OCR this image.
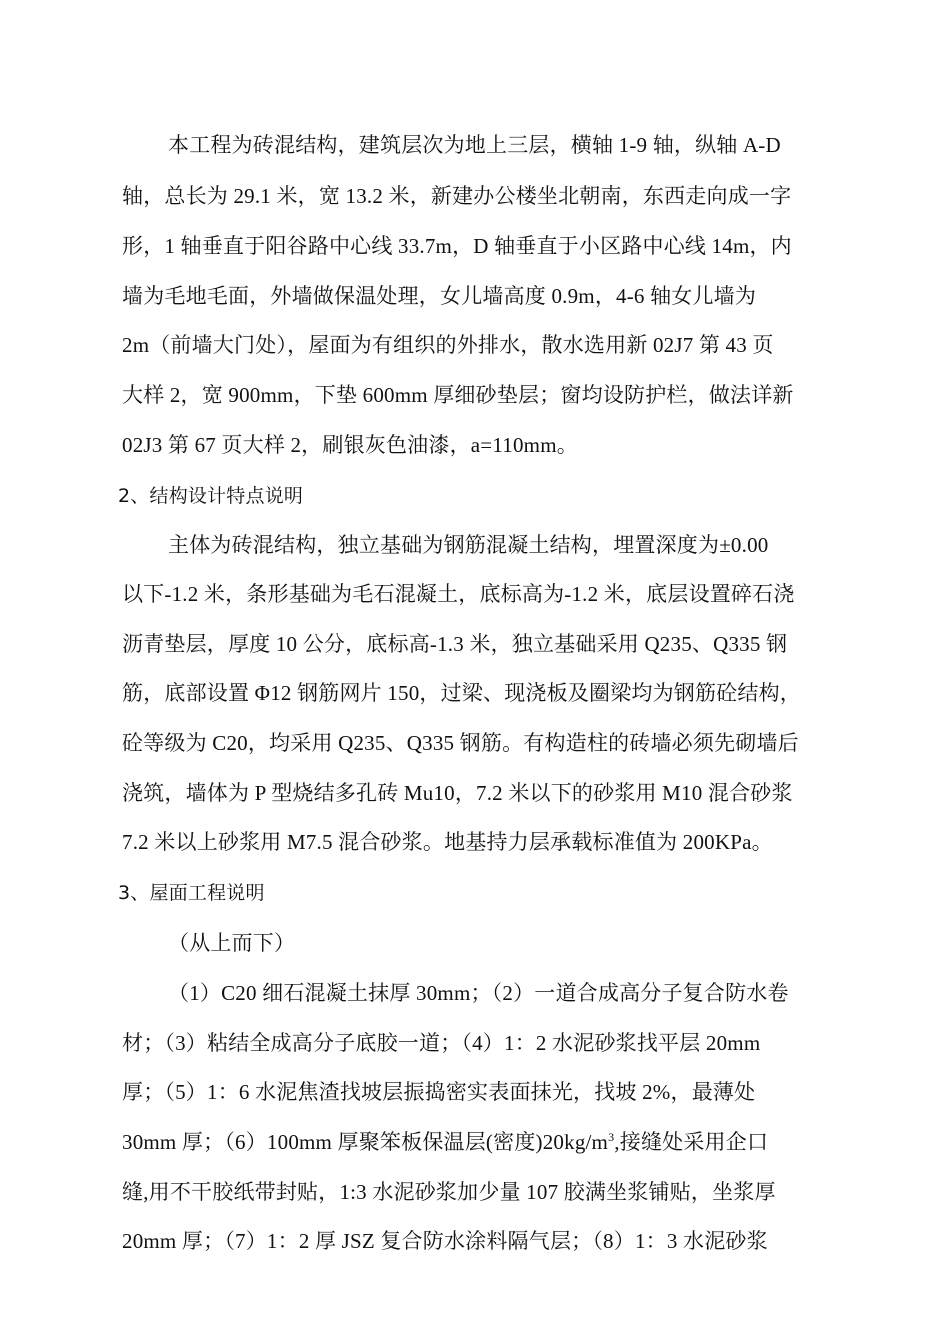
本工程为砖混结构，建筑层次为地上三层，横轴 1-9 轴，纵轴 A-D
轴，总长为 29.1 米，宽 13.2 米，新建办公楼坐北朝南，东西走向成一字
形，1 轴垂直于阳谷路中心线 33.7m，D 轴垂直于小区路中心线 14m，内
墙为毛地毛面，外墙做保温处理，女儿墙高度 0.9m，4-6 轴女儿墙为
2m（前墙大门处），屋面为有组织的外排水，散水选用新 02J7 第 43 页
大样 2，宽 900mm，下垫 600mm 厚细砂垫层；窗均设防护栏，做法详新
02J3 第 67 页大样 2，刷银灰色油漆，a=110mm。
2、结构设计特点说明
主体为砖混结构，独立基础为钢筋混凝土结构，埋置深度为±0.00
以下-1.2 米，条形基础为毛石混凝土，底标高为-1.2 米，底层设置碎石浇
沥青垫层，厚度 10 公分，底标高-1.3 米，独立基础采用 Q235、Q335 钢
筋，底部设置 Φ12 钢筋网片 150，过梁、现浇板及圈梁均为钢筋砼结构，
砼等级为 C20，均采用 Q235、Q335 钢筋。有构造柱的砖墙必须先砌墙后
浇筑，墙体为 P 型烧结多孔砖 Mu10，7.2 米以下的砂浆用 M10 混合砂浆
7.2 米以上砂浆用 M7.5 混合砂浆。地基持力层承载标准值为 200KPa。
3、屋面工程说明
（从上而下）
（1）C20 细石混凝土抹厚 30mm；（2）一道合成高分子复合防水卷
材；（3）粘结全成高分子底胶一道；（4）1：2 水泥砂浆找平层 20mm
厚；（5）1：6 水泥焦渣找坡层振捣密实表面抹光，找坡 2%，最薄处
30mm 厚；（6）100mm 厚聚笨板保温层(密度)$20kg/m^3$,接缝处采用企口
缝,用不干胶纸带封贴，1:3 水泥砂浆加少量 107 胶满坐浆铺贴，坐浆厚
20mm 厚；（7）1：2 厚 JSZ 复合防水涂料隔气层；（8）1：3 水泥砂浆
